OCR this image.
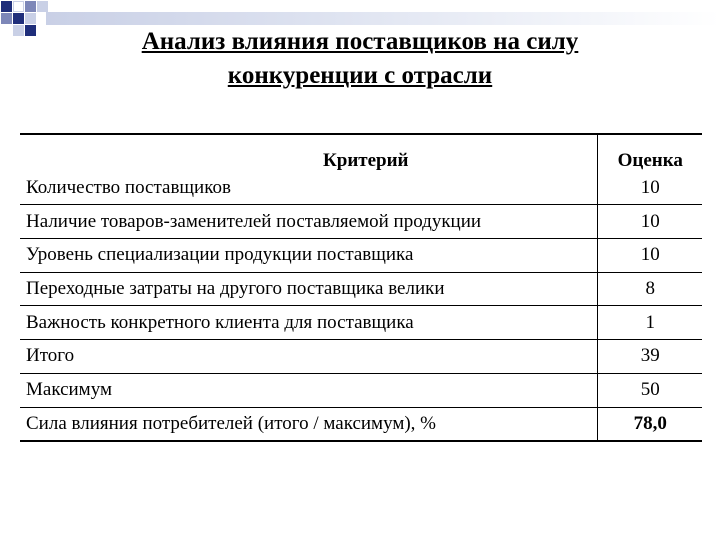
Анализ влияния поставщиков на силу
конкуренции с отрасли
Критерий	Оценка
Количество поставщиков	10
Наличие товаров-заменителей поставляемой продукции	10
Уровень специализации продукции поставщика	10
Переходные затраты на другого поставщика велики	8
Важность конкретного клиента для поставщика	1
Итого	39
Максимум	50
Сила влияния потребителей (итого / максимум), %	78,0
